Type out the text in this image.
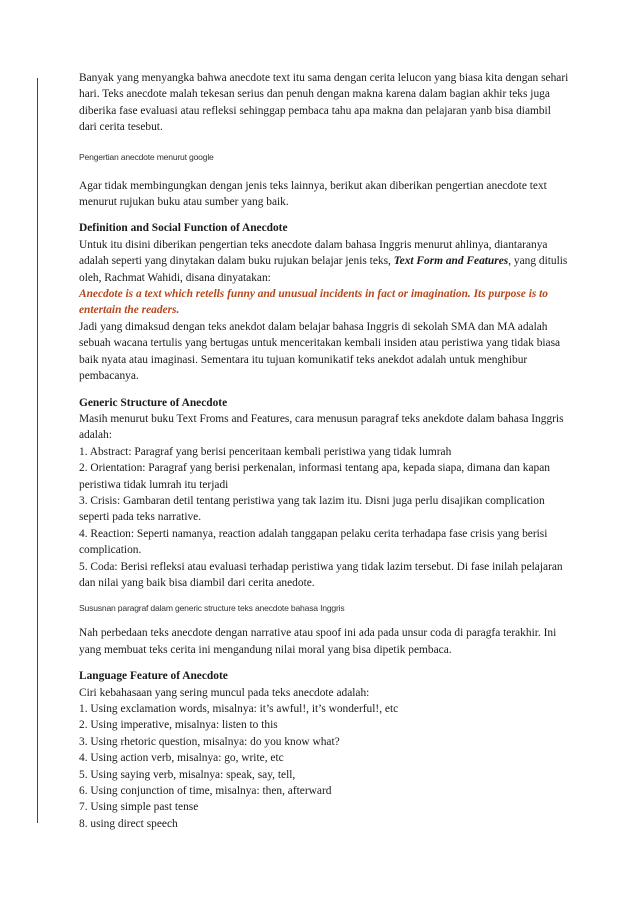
Banyak yang menyangka bahwa anecdote text itu sama dengan cerita lelucon yang biasa kita dengan sehari hari. Teks anecdote malah tekesan serius dan penuh dengan makna karena dalam bagian akhir teks juga diberika fase evaluasi atau refleksi sehinggap pembaca tahu apa makna dan pelajaran yanb bisa diambil dari cerita tesebut.

Pengertian anecdote menurut google

Agar tidak membingungkan dengan jenis teks lainnya, berikut akan diberikan pengertian anecdote text menurut rujukan buku atau sumber yang baik.

Definition and Social Function of Anecdote

Untuk itu disini diberikan pengertian teks anecdote dalam bahasa Inggris menurut ahlinya, diantaranya adalah seperti yang dinytakan dalam buku rujukan belajar jenis teks, Text Form and Features, yang ditulis oleh, Rachmat Wahidi, disana dinyatakan:

Anecdote is a text which retells funny and unusual incidents in fact or imagination. Its purpose is to entertain the readers.

Jadi yang dimaksud dengan teks anekdot dalam belajar bahasa Inggris di sekolah SMA dan MA adalah sebuah wacana tertulis yang bertugas untuk menceritakan kembali insiden atau peristiwa yang tidak biasa baik nyata atau imaginasi. Sementara itu tujuan komunikatif teks anekdot adalah untuk menghibur pembacanya.

Generic Structure of Anecdote

Masih menurut buku Text Froms and Features, cara menusun paragraf teks anekdote dalam bahasa Inggris adalah:

1. Abstract: Paragraf yang berisi penceritaan kembali peristiwa yang tidak lumrah
2. Orientation: Paragraf yang berisi perkenalan, informasi tentang apa, kepada siapa, dimana dan kapan peristiwa tidak lumrah itu terjadi
3. Crisis: Gambaran detil tentang peristiwa yang tak lazim itu. Disni juga perlu disajikan complication seperti pada teks narrative.
4. Reaction: Seperti namanya, reaction adalah tanggapan pelaku cerita terhadapa fase crisis yang berisi complication.
5. Coda: Berisi refleksi atau evaluasi terhadap peristiwa yang tidak lazim tersebut. Di fase inilah pelajaran dan nilai yang baik bisa diambil dari cerita anedote.

Sususnan paragraf dalam generic structure teks anecdote bahasa Inggris

Nah perbedaan teks anecdote dengan narrative atau spoof ini ada pada unsur coda di paragfa terakhir. Ini yang membuat teks cerita ini mengandung nilai moral yang bisa dipetik pembaca.

Language Feature of Anecdote

Ciri kebahasaan yang sering muncul pada teks anecdote adalah:

1. Using exclamation words, misalnya: it’s awful!, it’s wonderful!, etc
2. Using imperative, misalnya: listen to this
3. Using rhetoric question, misalnya: do you know what?
4. Using action verb, misalnya: go, write, etc
5. Using saying verb, misalnya: speak, say, tell,
6. Using conjunction of time, misalnya: then, afterward
7. Using simple past tense
8. using direct speech
